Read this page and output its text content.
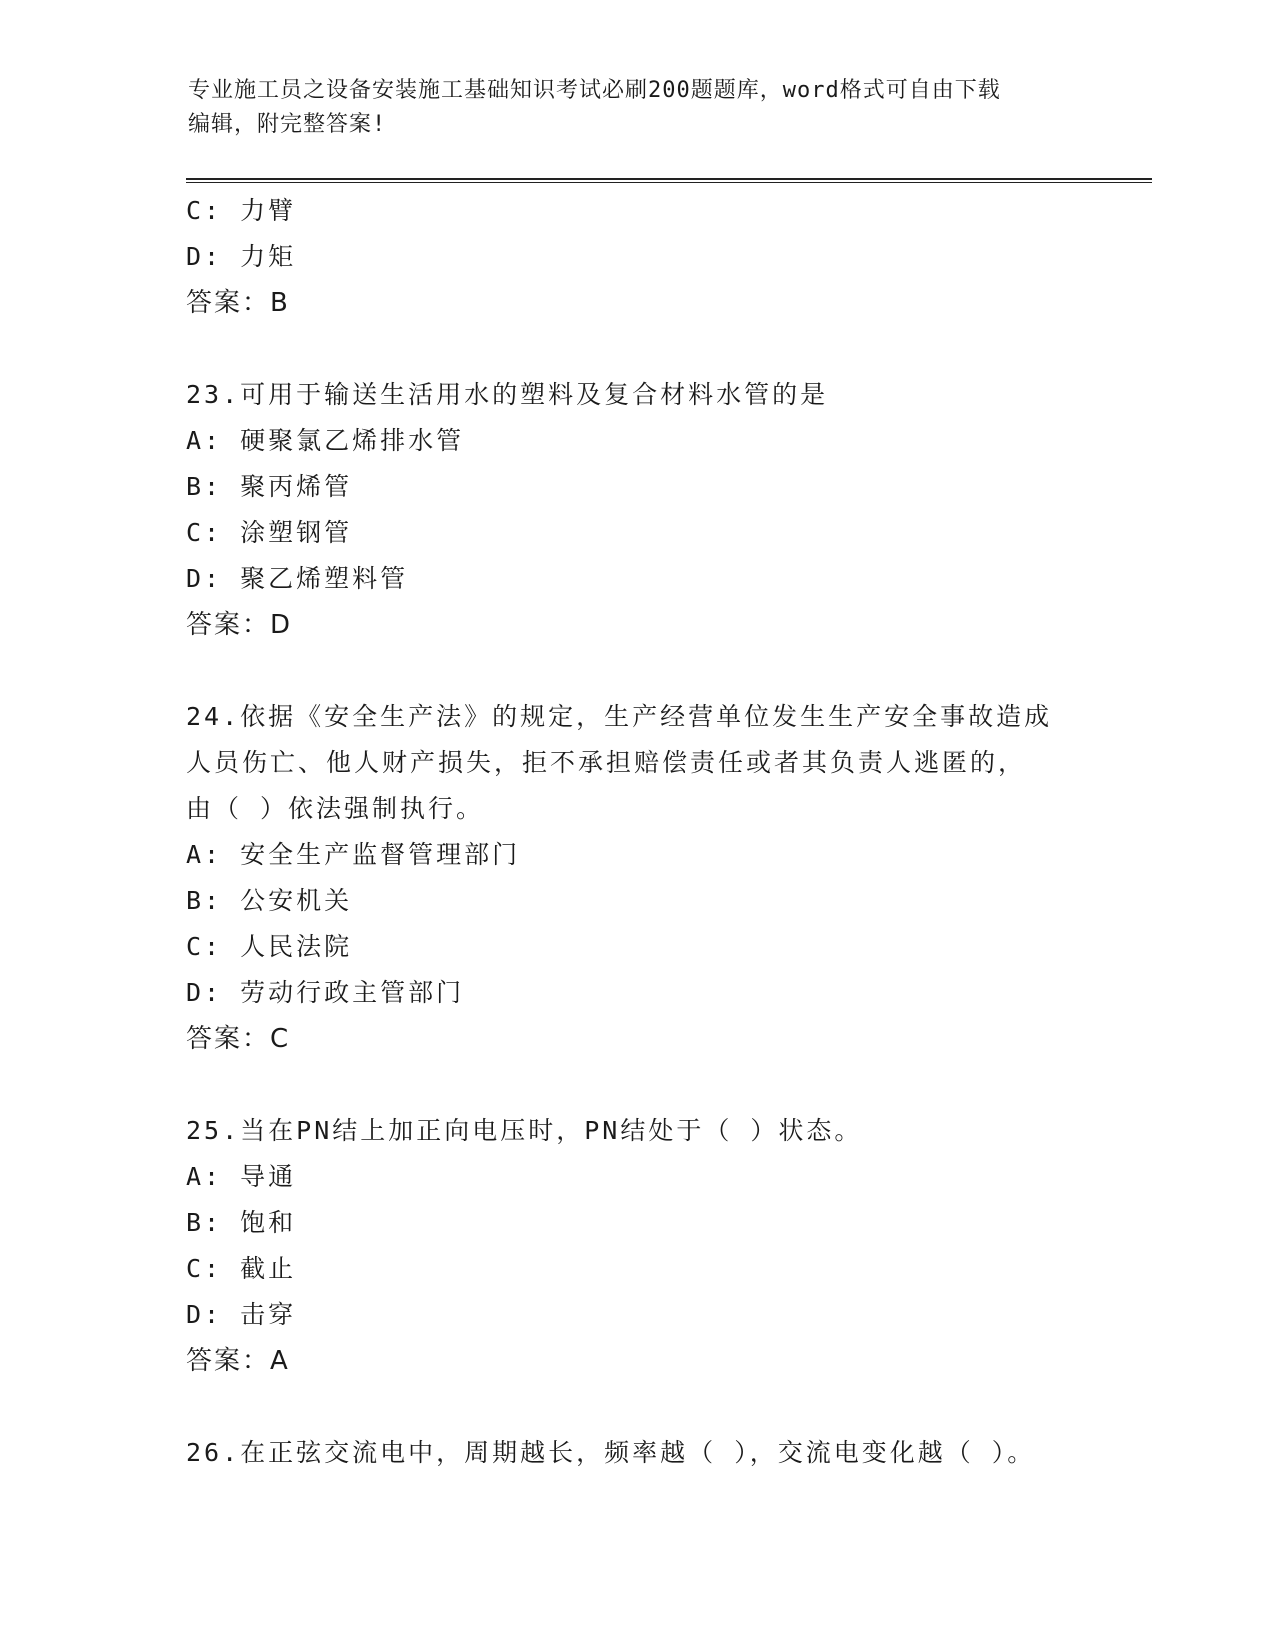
专业施工员之设备安装施工基础知识考试必刷200题题库，word格式可自由下载
编辑，附完整答案!
C: 力臂
D: 力矩
答案：B
23.可用于输送生活用水的塑料及复合材料水管的是
A: 硬聚氯乙烯排水管
B: 聚丙烯管
C: 涂塑钢管
D: 聚乙烯塑料管
答案：D
24.依据《安全生产法》的规定，生产经营单位发生生产安全事故造成
人员伤亡、他人财产损失，拒不承担赔偿责任或者其负责人逃匿的，
由（ ）依法强制执行。
A: 安全生产监督管理部门
B: 公安机关
C: 人民法院
D: 劳动行政主管部门
答案：C
25.当在PN结上加正向电压时，PN结处于（ ）状态。
A: 导通
B: 饱和
C: 截止
D: 击穿
答案：A
26.在正弦交流电中，周期越长，频率越（ ），交流电变化越（ ）。
